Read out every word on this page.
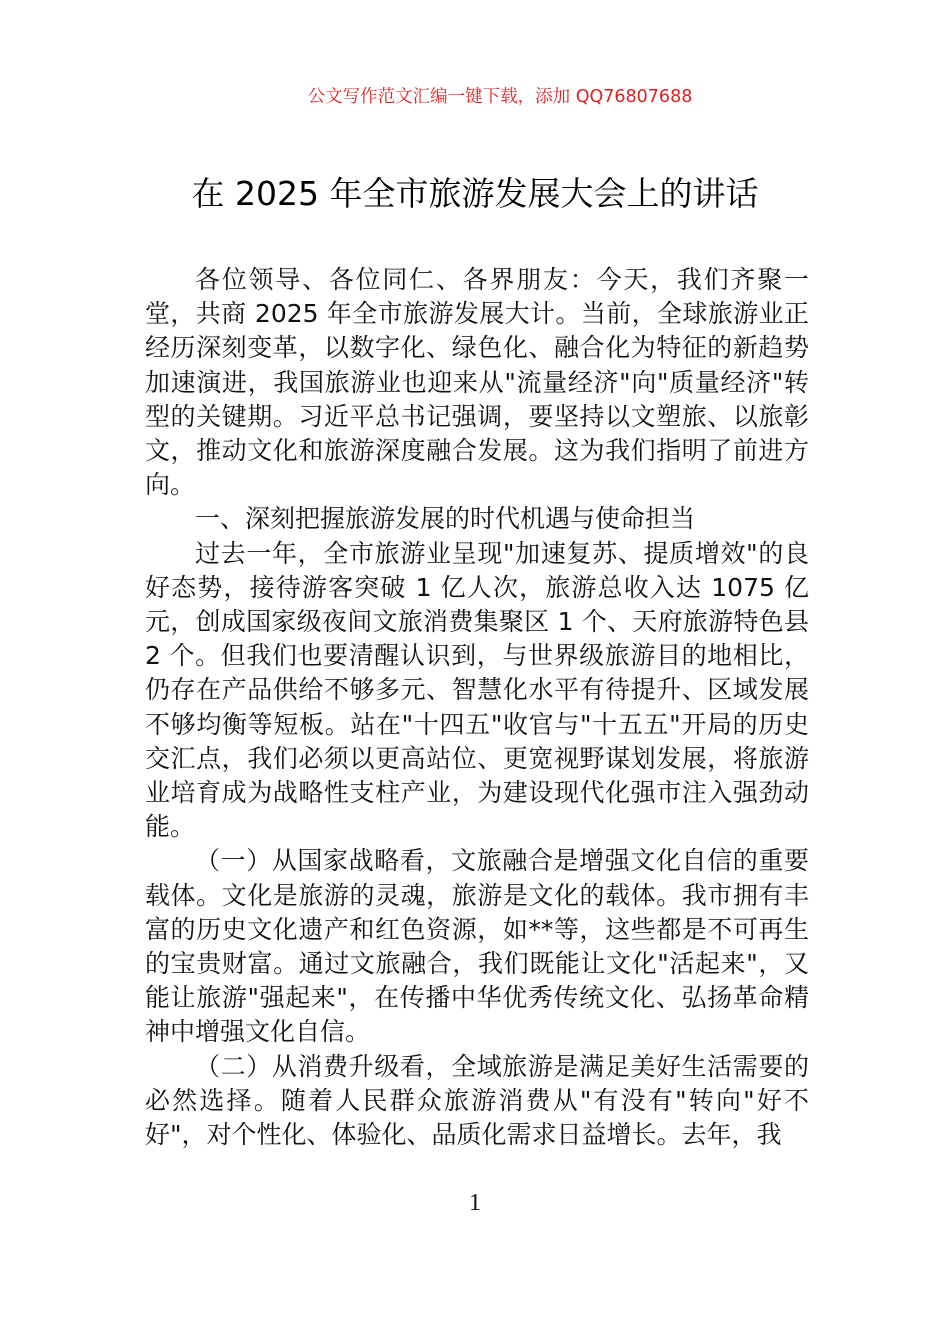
公文写作范文汇编一键下载，添加 QQ76807688
在 2025 年全市旅游发展大会上的讲话

各位领导、各位同仁、各界朋友：今天，我们齐聚一堂，共商 2025 年全市旅游发展大计。当前，全球旅游业正经历深刻变革，以数字化、绿色化、融合化为特征的新趋势加速演进，我国旅游业也迎来从"流量经济"向"质量经济"转型的关键期。习近平总书记强调，要坚持以文塑旅、以旅彰文，推动文化和旅游深度融合发展。这为我们指明了前进方向。

一、深刻把握旅游发展的时代机遇与使命担当

过去一年，全市旅游业呈现"加速复苏、提质增效"的良好态势，接待游客突破 1 亿人次，旅游总收入达 1075 亿元，创成国家级夜间文旅消费集聚区 1 个、天府旅游特色县 2 个。但我们也要清醒认识到，与世界级旅游目的地相比，仍存在产品供给不够多元、智慧化水平有待提升、区域发展不够均衡等短板。站在"十四五"收官与"十五五"开局的历史交汇点，我们必须以更高站位、更宽视野谋划发展，将旅游业培育成为战略性支柱产业，为建设现代化强市注入强劲动能。

（一）从国家战略看，文旅融合是增强文化自信的重要载体。文化是旅游的灵魂，旅游是文化的载体。我市拥有丰富的历史文化遗产和红色资源，如**等，这些都是不可再生的宝贵财富。通过文旅融合，我们既能让文化"活起来"，又能让旅游"强起来"，在传播中华优秀传统文化、弘扬革命精神中增强文化自信。

（二）从消费升级看，全域旅游是满足美好生活需要的必然选择。随着人民群众旅游消费从"有没有"转向"好不好"，对个性化、体验化、品质化需求日益增长。去年，我

1
